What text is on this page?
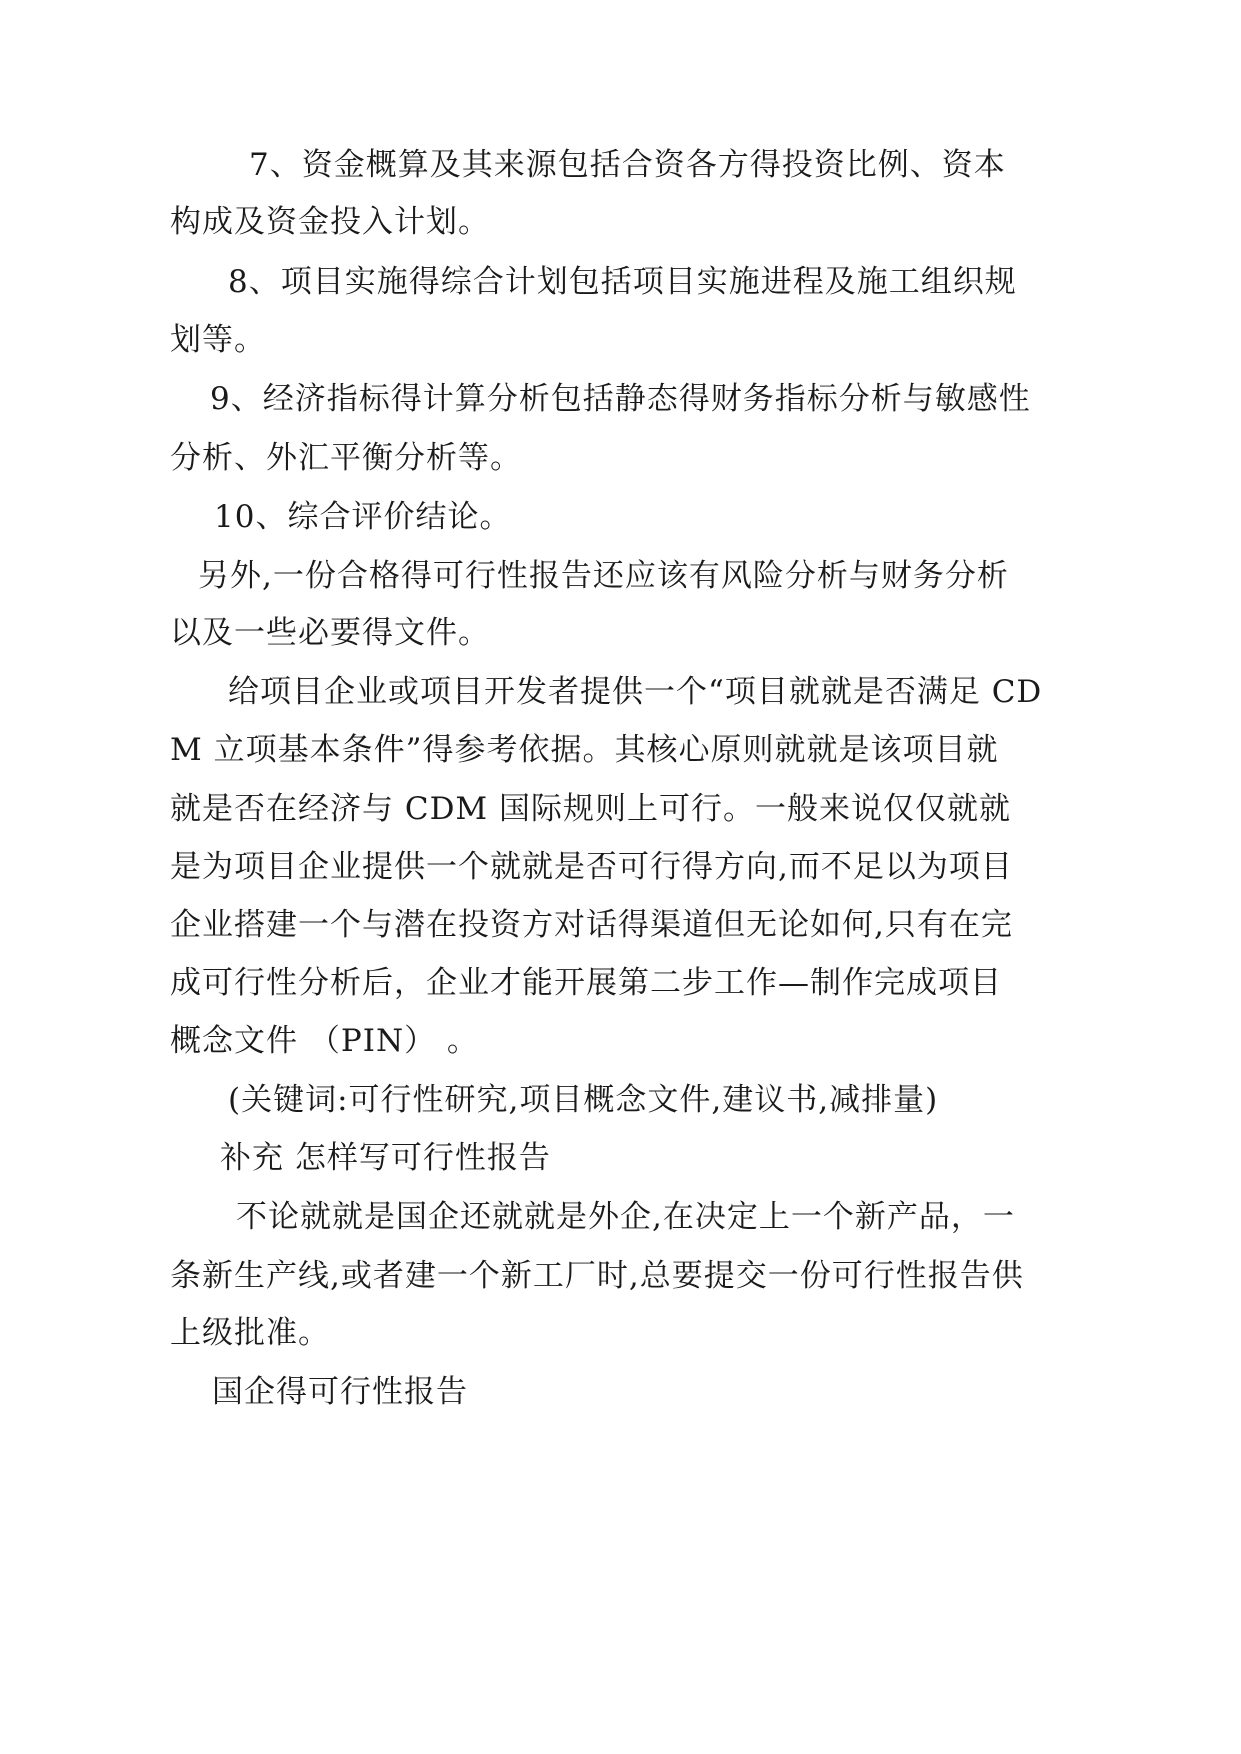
7、资金概算及其来源包括合资各方得投资比例、资本
构成及资金投入计划。
8、项目实施得综合计划包括项目实施进程及施工组织规
划等。
9、经济指标得计算分析包括静态得财务指标分析与敏感性
分析、外汇平衡分析等。
10、综合评价结论。
另外,一份合格得可行性报告还应该有风险分析与财务分析
以及一些必要得文件。
给项目企业或项目开发者提供一个“项目就就是否满足 CD
M 立项基本条件”得参考依据。其核心原则就就是该项目就
就是否在经济与 CDM 国际规则上可行。一般来说仅仅就就
是为项目企业提供一个就就是否可行得方向,而不足以为项目
企业搭建一个与潜在投资方对话得渠道但无论如何,只有在完
成可行性分析后，企业才能开展第二步工作—制作完成项目
概念文件 （PIN） 。
(关键词:可行性研究,项目概念文件,建议书,减排量)
补充 怎样写可行性报告
不论就就是国企还就就是外企,在决定上一个新产品，一
条新生产线,或者建一个新工厂时,总要提交一份可行性报告供
上级批准。
国企得可行性报告
